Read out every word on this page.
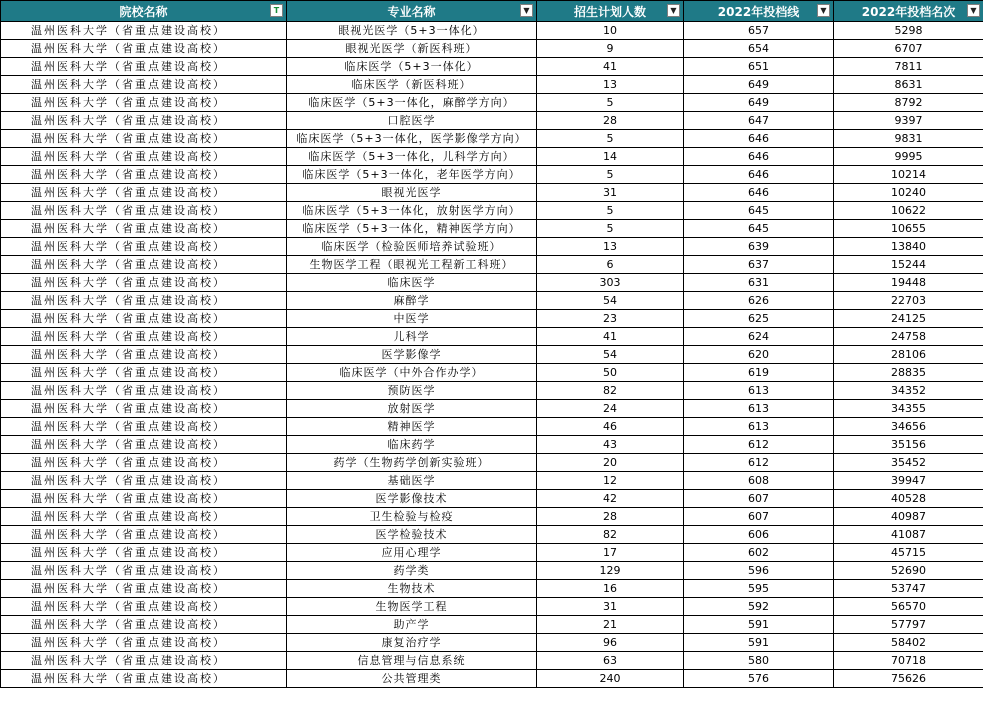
院校名称 T	专业名称 ▼	招生计划人数 ▼	2022年投档线 ▼	2022年投档名次 ▼

温州医科大学（省重点建设高校）	眼视光医学（5+3一体化）	10	657	5298
温州医科大学（省重点建设高校）	眼视光医学（新医科班）	9	654	6707
温州医科大学（省重点建设高校）	临床医学（5+3一体化）	41	651	7811
温州医科大学（省重点建设高校）	临床医学（新医科班）	13	649	8631
温州医科大学（省重点建设高校）	临床医学（5+3一体化，麻醉学方向）	5	649	8792
温州医科大学（省重点建设高校）	口腔医学	28	647	9397
温州医科大学（省重点建设高校）	临床医学（5+3一体化，医学影像学方向）	5	646	9831
温州医科大学（省重点建设高校）	临床医学（5+3一体化，儿科学方向）	14	646	9995
温州医科大学（省重点建设高校）	临床医学（5+3一体化，老年医学方向）	5	646	10214
温州医科大学（省重点建设高校）	眼视光医学	31	646	10240
温州医科大学（省重点建设高校）	临床医学（5+3一体化，放射医学方向）	5	645	10622
温州医科大学（省重点建设高校）	临床医学（5+3一体化，精神医学方向）	5	645	10655
温州医科大学（省重点建设高校）	临床医学（检验医师培养试验班）	13	639	13840
温州医科大学（省重点建设高校）	生物医学工程（眼视光工程新工科班）	6	637	15244
温州医科大学（省重点建设高校）	临床医学	303	631	19448
温州医科大学（省重点建设高校）	麻醉学	54	626	22703
温州医科大学（省重点建设高校）	中医学	23	625	24125
温州医科大学（省重点建设高校）	儿科学	41	624	24758
温州医科大学（省重点建设高校）	医学影像学	54	620	28106
温州医科大学（省重点建设高校）	临床医学（中外合作办学）	50	619	28835
温州医科大学（省重点建设高校）	预防医学	82	613	34352
温州医科大学（省重点建设高校）	放射医学	24	613	34355
温州医科大学（省重点建设高校）	精神医学	46	613	34656
温州医科大学（省重点建设高校）	临床药学	43	612	35156
温州医科大学（省重点建设高校）	药学（生物药学创新实验班）	20	612	35452
温州医科大学（省重点建设高校）	基础医学	12	608	39947
温州医科大学（省重点建设高校）	医学影像技术	42	607	40528
温州医科大学（省重点建设高校）	卫生检验与检疫	28	607	40987
温州医科大学（省重点建设高校）	医学检验技术	82	606	41087
温州医科大学（省重点建设高校）	应用心理学	17	602	45715
温州医科大学（省重点建设高校）	药学类	129	596	52690
温州医科大学（省重点建设高校）	生物技术	16	595	53747
温州医科大学（省重点建设高校）	生物医学工程	31	592	56570
温州医科大学（省重点建设高校）	助产学	21	591	57797
温州医科大学（省重点建设高校）	康复治疗学	96	591	58402
温州医科大学（省重点建设高校）	信息管理与信息系统	63	580	70718
温州医科大学（省重点建设高校）	公共管理类	240	576	75626
